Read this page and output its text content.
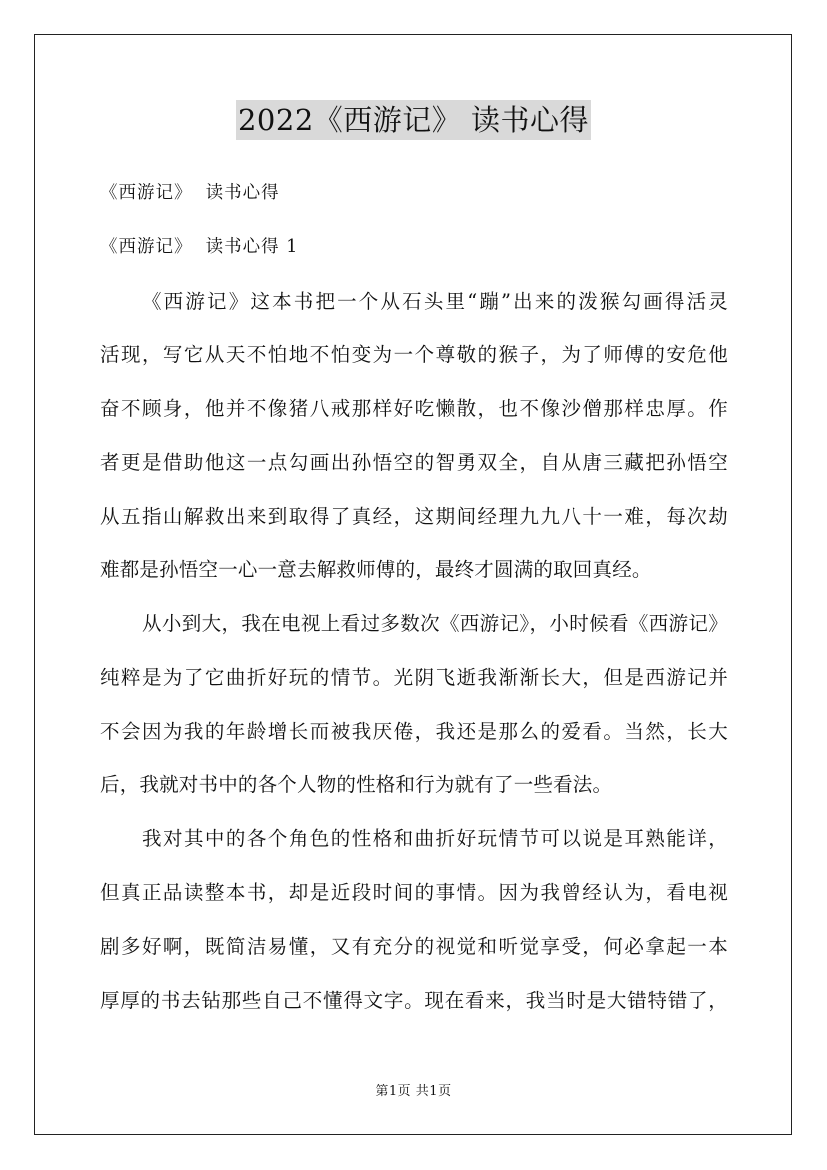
2022《西游记》 读书心得
《西游记》  读书心得
《西游记》  读书心得 1
《西游记》这本书把一个从石头里“蹦”出来的泼猴勾画得活灵
活现，写它从天不怕地不怕变为一个尊敬的猴子，为了师傅的安危他
奋不顾身，他并不像猪八戒那样好吃懒散，也不像沙僧那样忠厚。作
者更是借助他这一点勾画出孙悟空的智勇双全，自从唐三藏把孙悟空
从五指山解救出来到取得了真经，这期间经理九九八十一难，每次劫
难都是孙悟空一心一意去解救师傅的，最终才圆满的取回真经。
从小到大，我在电视上看过多数次《西游记》，小时候看《西游记》
纯粹是为了它曲折好玩的情节。光阴飞逝我渐渐长大，但是西游记并
不会因为我的年龄增长而被我厌倦，我还是那么的爱看。当然，长大
后，我就对书中的各个人物的性格和行为就有了一些看法。
我对其中的各个角色的性格和曲折好玩情节可以说是耳熟能详，
但真正品读整本书，却是近段时间的事情。因为我曾经认为，看电视
剧多好啊，既简洁易懂，又有充分的视觉和听觉享受，何必拿起一本
厚厚的书去钻那些自己不懂得文字。现在看来，我当时是大错特错了，
第1页 共1页
